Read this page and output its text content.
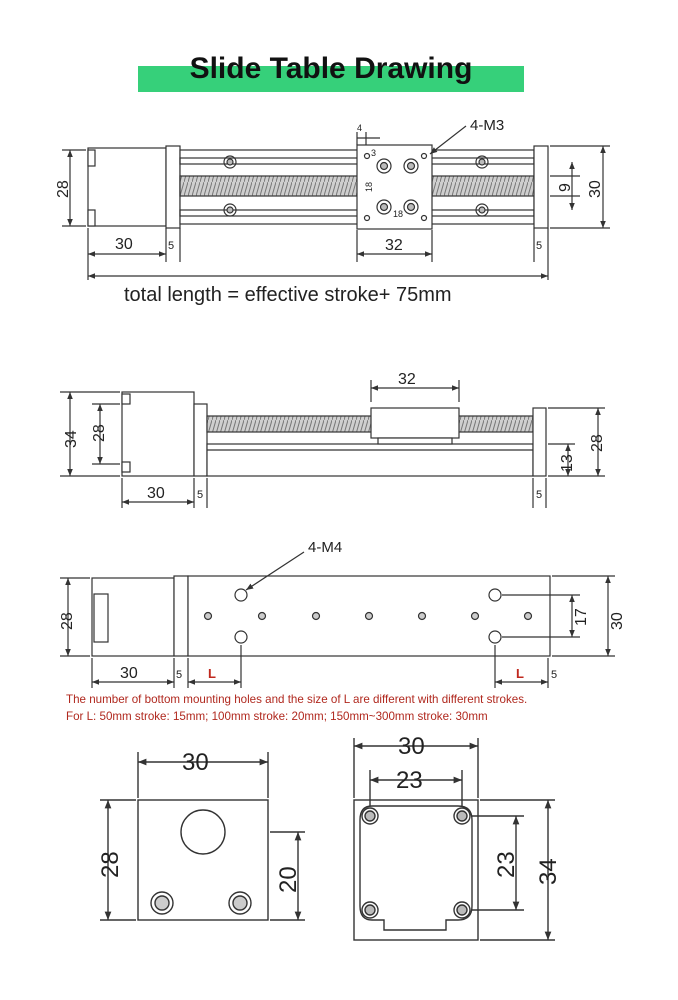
4-M3
4
3
18
18
28
30	5	32	5
9 30
32
34 28
28
13
30	5	5
4-M4
28	17 30
30	5 L	L 5
30
28
20
30
23
23 34
Slide Table Drawing
total length = effective stroke+ 75mm
The number of bottom mounting holes and the size of L are different with different strokes.
For L: 50mm stroke: 15mm; 100mm stroke: 20mm; 150mm~300mm stroke: 30mm
